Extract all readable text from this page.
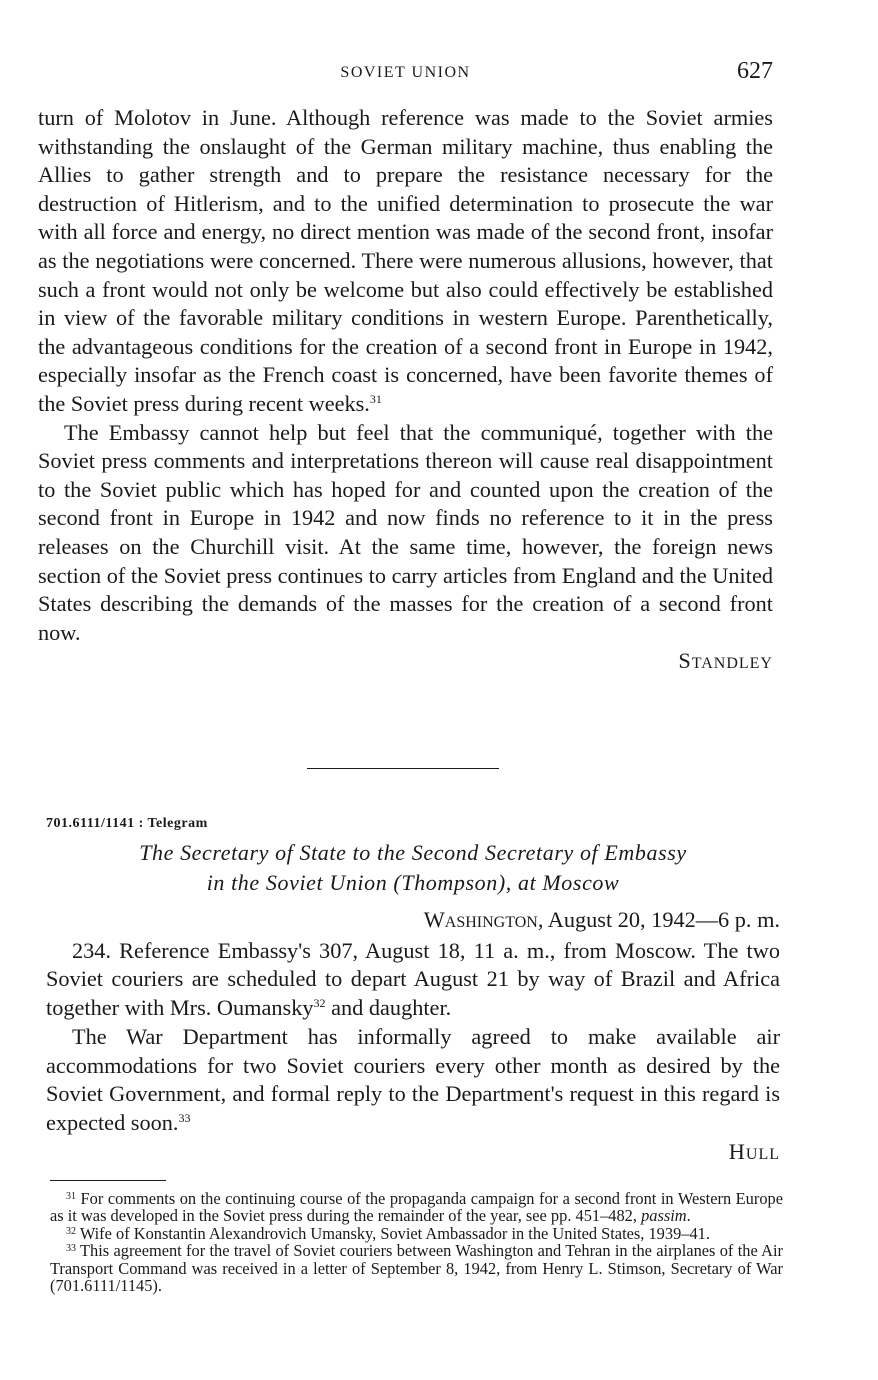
SOVIET UNION	627

turn of Molotov in June. Although reference was made to the Soviet armies withstanding the onslaught of the German military machine, thus enabling the Allies to gather strength and to prepare the resistance necessary for the destruction of Hitlerism, and to the unified determination to prosecute the war with all force and energy, no direct mention was made of the second front, insofar as the negotiations were concerned. There were numerous allusions, however, that such a front would not only be welcome but also could effectively be established in view of the favorable military conditions in western Europe. Parenthetically, the advantageous conditions for the creation of a second front in Europe in 1942, especially insofar as the French coast is concerned, have been favorite themes of the Soviet press during recent weeks.$^{31}$

The Embassy cannot help but feel that the communiqué, together with the Soviet press comments and interpretations thereon will cause real disappointment to the Soviet public which has hoped for and counted upon the creation of the second front in Europe in 1942 and now finds no reference to it in the press releases on the Churchill visit. At the same time, however, the foreign news section of the Soviet press continues to carry articles from England and the United States describing the demands of the masses for the creation of a second front now.

Standley

701.6111/1141 : Telegram
The Secretary of State to the Second Secretary of Embassy
in the Soviet Union (Thompson), at Moscow

Washington, August 20, 1942—6 p. m.

234. Reference Embassy's 307, August 18, 11 a. m., from Moscow. The two Soviet couriers are scheduled to depart August 21 by way of Brazil and Africa together with Mrs. Oumansky$^{32}$ and daughter.

The War Department has informally agreed to make available air accommodations for two Soviet couriers every other month as desired by the Soviet Government, and formal reply to the Department's request in this regard is expected soon.$^{33}$

Hull

$^{31}$ For comments on the continuing course of the propaganda campaign for a second front in Western Europe as it was developed in the Soviet press during the remainder of the year, see pp. 451–482, passim.

$^{32}$ Wife of Konstantin Alexandrovich Umansky, Soviet Ambassador in the United States, 1939–41.

$^{33}$ This agreement for the travel of Soviet couriers between Washington and Tehran in the airplanes of the Air Transport Command was received in a letter of September 8, 1942, from Henry L. Stimson, Secretary of War (701.6111/1145).
